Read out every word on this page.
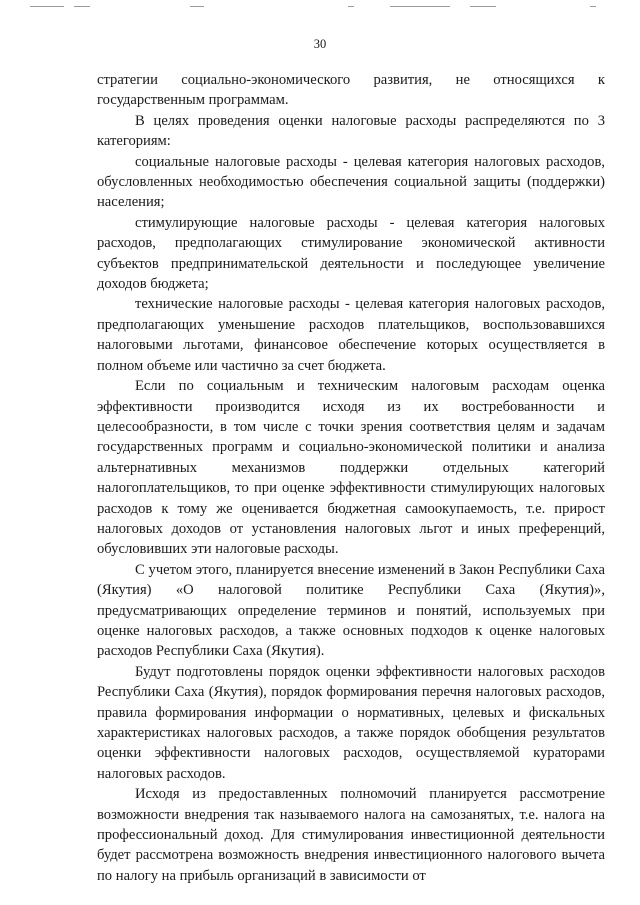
30

стратегии социально-экономического развития, не относящихся к государственным программам.

В целях проведения оценки налоговые расходы распределяются по 3 категориям:

социальные налоговые расходы - целевая категория налоговых расходов, обусловленных необходимостью обеспечения социальной защиты (поддержки) населения;

стимулирующие налоговые расходы - целевая категория налоговых расходов, предполагающих стимулирование экономической активности субъектов предпринимательской деятельности и последующее увеличение доходов бюджета;

технические налоговые расходы - целевая категория налоговых расходов, предполагающих уменьшение расходов плательщиков, воспользовавшихся налоговыми льготами, финансовое обеспечение которых осуществляется в полном объеме или частично за счет бюджета.

Если по социальным и техническим налоговым расходам оценка эффективности производится исходя из их востребованности и целесообразности, в том числе с точки зрения соответствия целям и задачам государственных программ и социально-экономической политики и анализа альтернативных механизмов поддержки отдельных категорий налогоплательщиков, то при оценке эффективности стимулирующих налоговых расходов к тому же оценивается бюджетная самоокупаемость, т.е. прирост налоговых доходов от установления налоговых льгот и иных преференций, обусловивших эти налоговые расходы.

С учетом этого, планируется внесение изменений в Закон Республики Саха (Якутия) «О налоговой политике Республики Саха (Якутия)», предусматривающих определение терминов и понятий, используемых при оценке налоговых расходов, а также основных подходов к оценке налоговых расходов Республики Саха (Якутия).

Будут подготовлены порядок оценки эффективности налоговых расходов Республики Саха (Якутия), порядок формирования перечня налоговых расходов, правила формирования информации о нормативных, целевых и фискальных характеристиках налоговых расходов, а также порядок обобщения результатов оценки эффективности налоговых расходов, осуществляемой кураторами налоговых расходов.

Исходя из предоставленных полномочий планируется рассмотрение возможности внедрения так называемого налога на самозанятых, т.е. налога на профессиональный доход. Для стимулирования инвестиционной деятельности будет рассмотрена возможность внедрения инвестиционного налогового вычета по налогу на прибыль организаций в зависимости от
